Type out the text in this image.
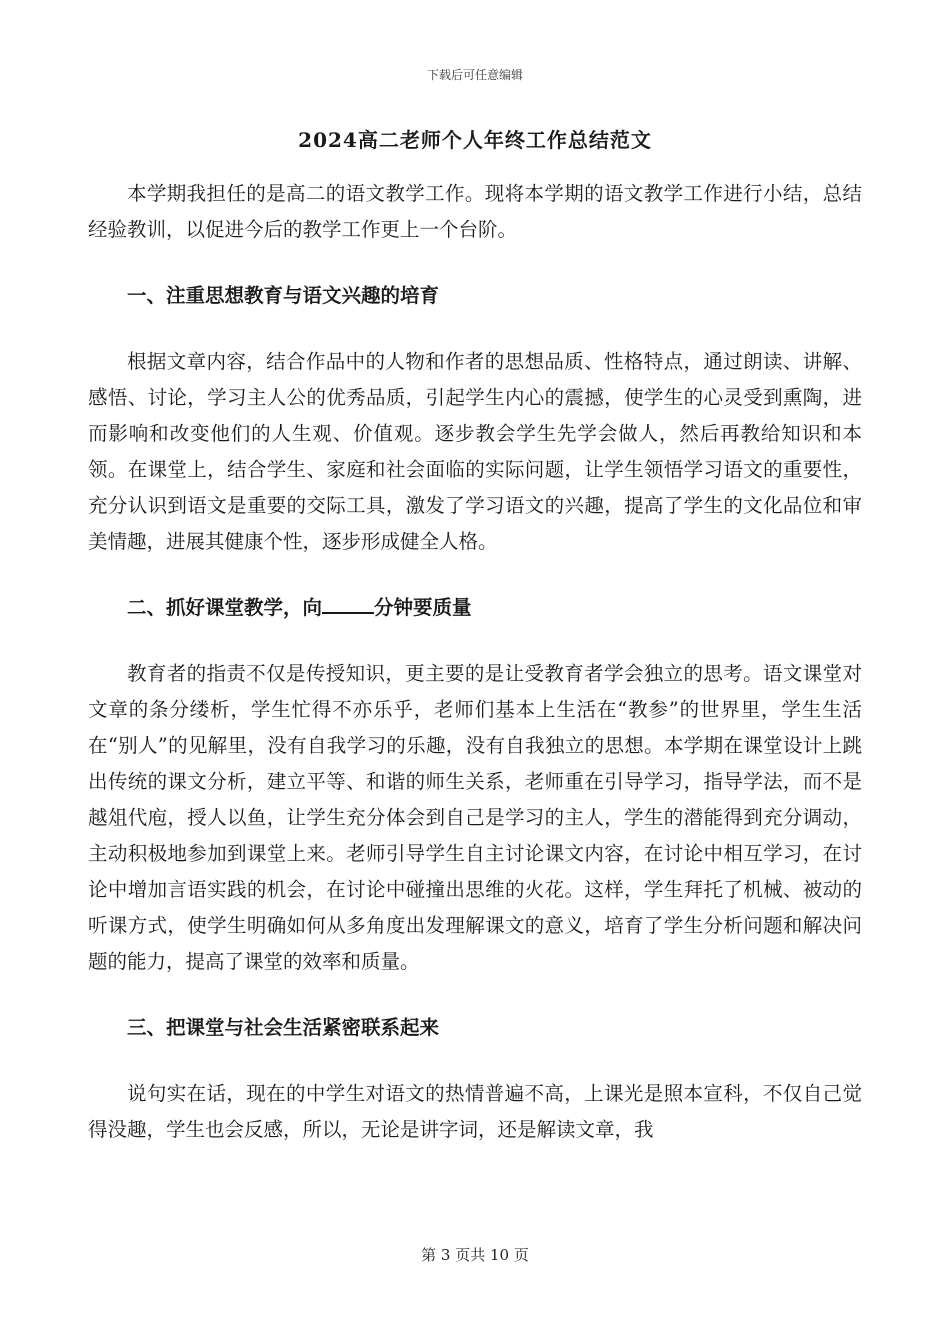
下载后可任意编辑
2024高二老师个人年终工作总结范文

本学期我担任的是高二的语文教学工作。现将本学期的语文教学工作进行小结，总结经验教训，以促进今后的教学工作更上一个台阶。

一、注重思想教育与语文兴趣的培育

根据文章内容，结合作品中的人物和作者的思想品质、性格特点，通过朗读、讲解、感悟、讨论，学习主人公的优秀品质，引起学生内心的震撼，使学生的心灵受到熏陶，进而影响和改变他们的人生观、价值观。逐步教会学生先学会做人，然后再教给知识和本领。在课堂上，结合学生、家庭和社会面临的实际问题，让学生领悟学习语文的重要性，充分认识到语文是重要的交际工具，激发了学习语文的兴趣，提高了学生的文化品位和审美情趣，进展其健康个性，逐步形成健全人格。

二、抓好课堂教学，向	分钟要质量

教育者的指责不仅是传授知识，更主要的是让受教育者学会独立的思考。语文课堂对文章的条分缕析，学生忙得不亦乐乎，老师们基本上生活在“教参”的世界里，学生生活在“别人”的见解里，没有自我学习的乐趣，没有自我独立的思想。本学期在课堂设计上跳出传统的课文分析，建立平等、和谐的师生关系，老师重在引导学习，指导学法，而不是越俎代庖，授人以鱼，让学生充分体会到自己是学习的主人，学生的潜能得到充分调动，主动积极地参加到课堂上来。老师引导学生自主讨论课文内容，在讨论中相互学习，在讨论中增加言语实践的机会，在讨论中碰撞出思维的火花。这样，学生拜托了机械、被动的听课方式，使学生明确如何从多角度出发理解课文的意义，培育了学生分析问题和解决问题的能力，提高了课堂的效率和质量。

三、把课堂与社会生活紧密联系起来

说句实在话，现在的中学生对语文的热情普遍不高，上课光是照本宣科，不仅自己觉得没趣，学生也会反感，所以，无论是讲字词，还是解读文章，我

第 3 页共 10 页
